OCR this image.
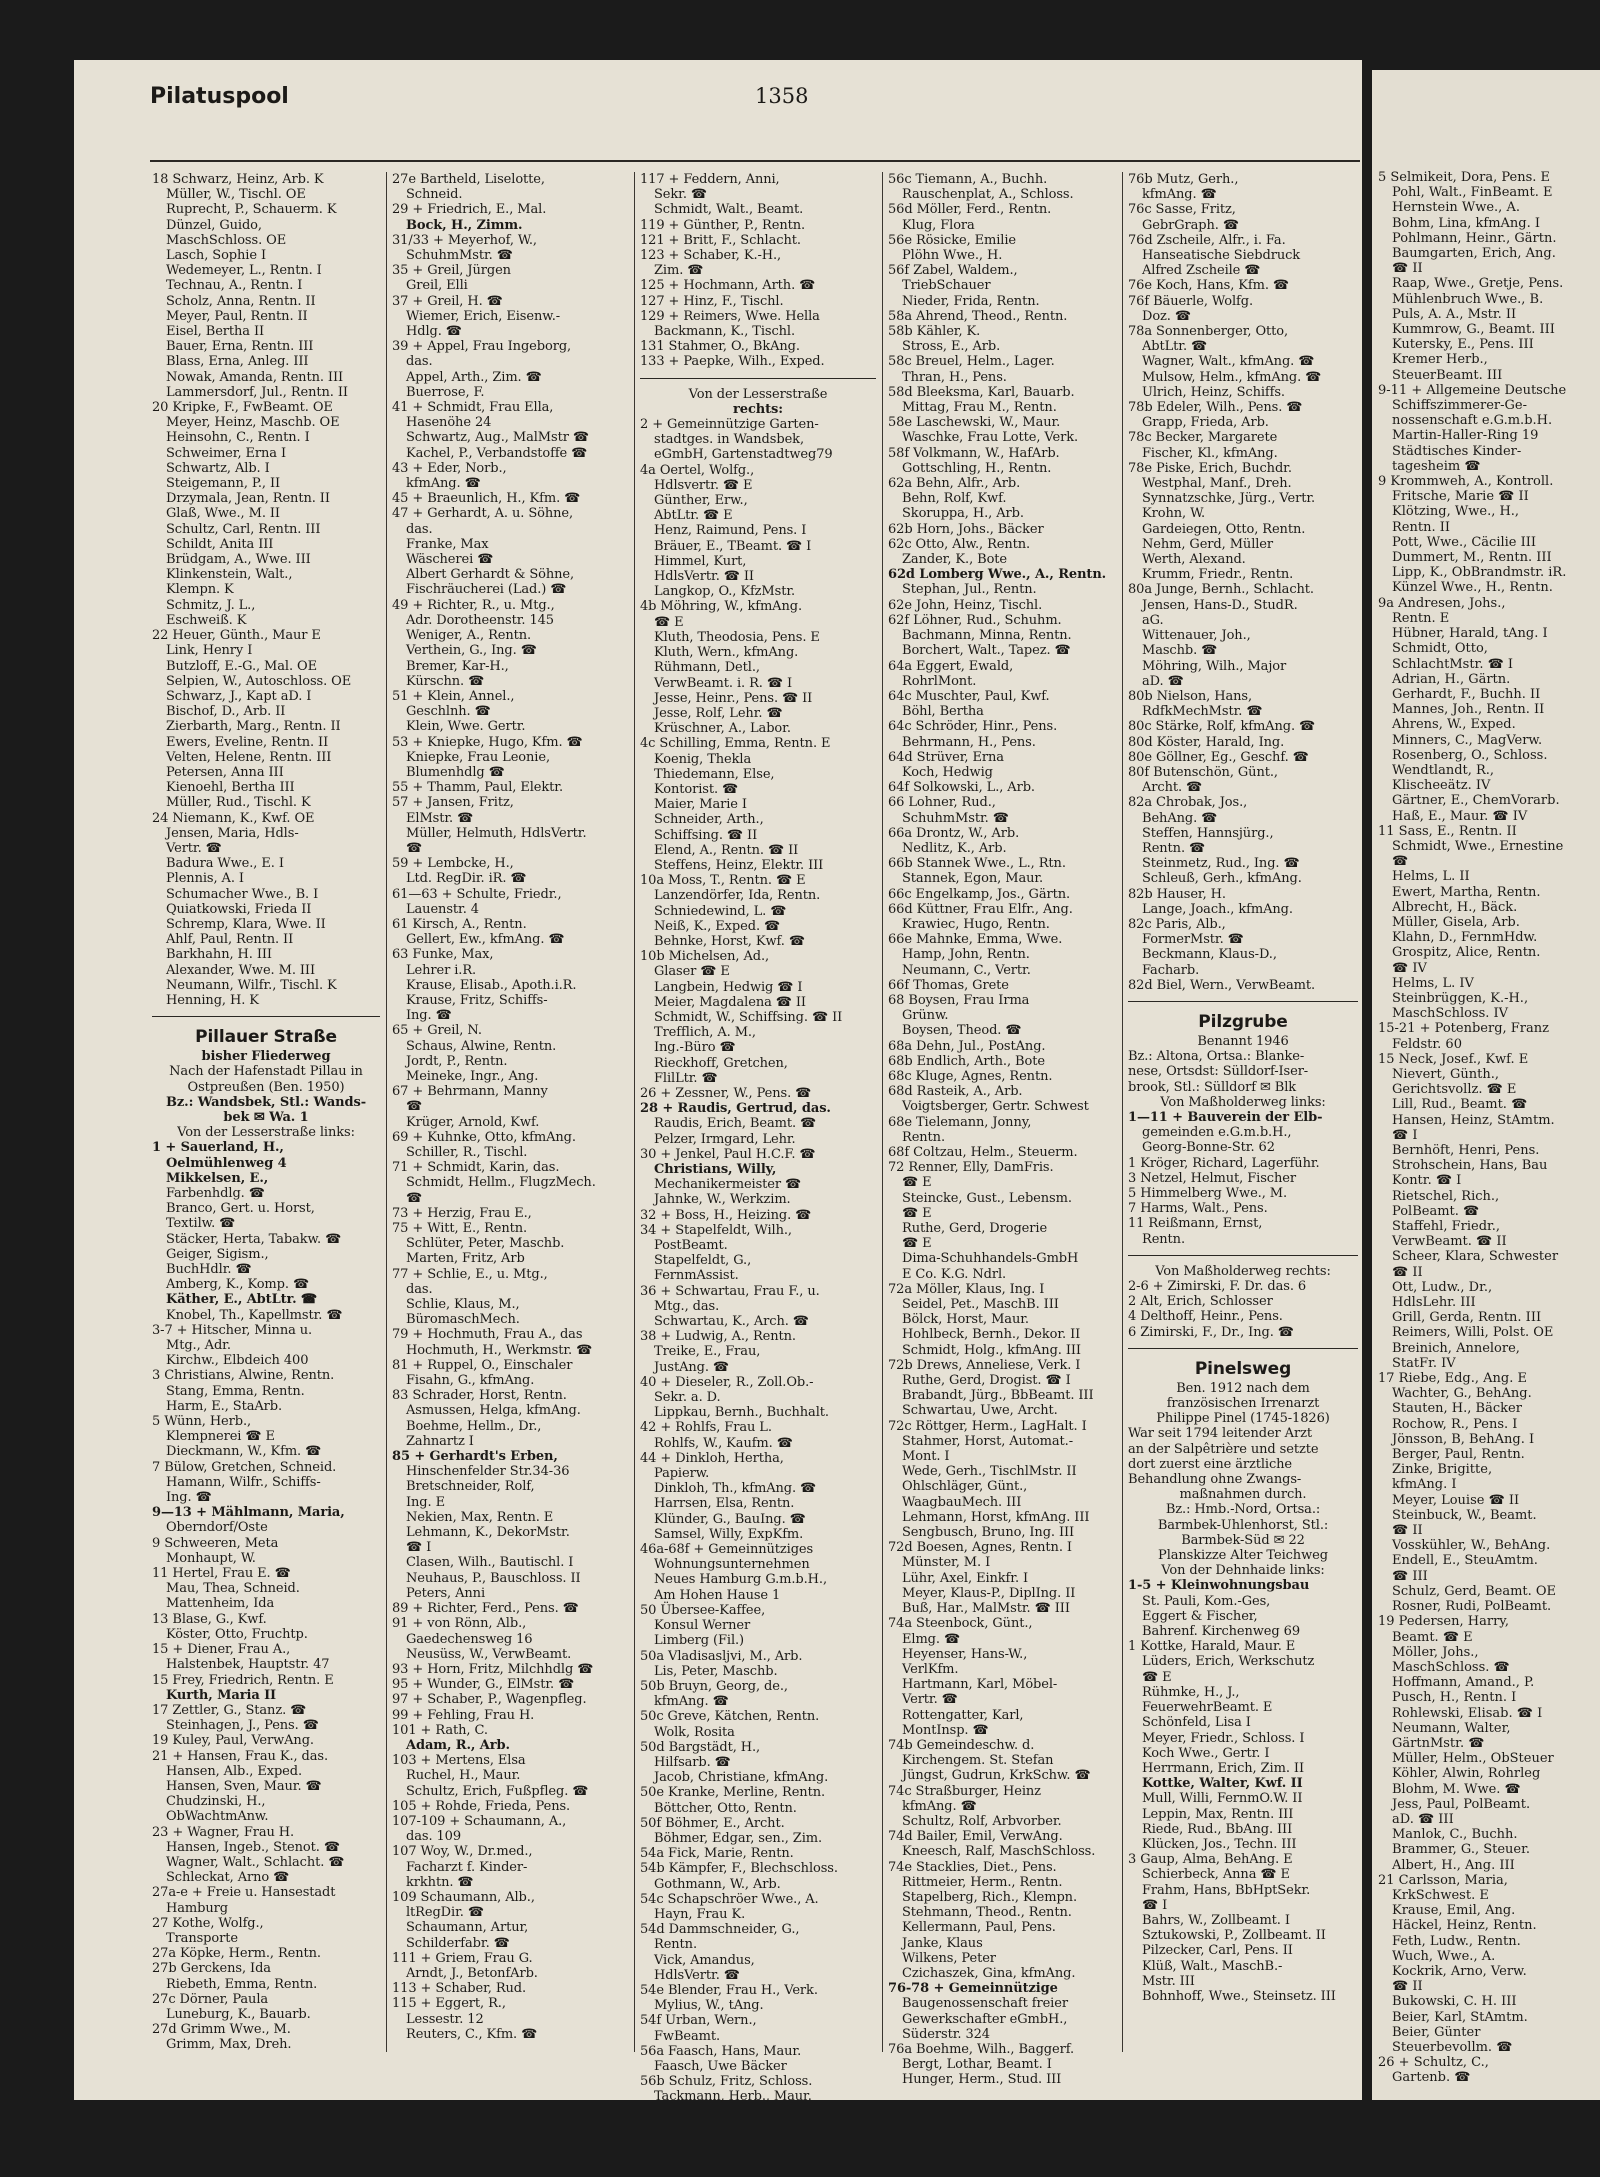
5 Selmikeit, Dora, Pens. E
Pohl, Walt., FinBeamt. E
Hernstein Wwe., A.
Bohm, Lina, kfmAng. I
Pohlmann, Heinr., Gärtn.
Baumgarten, Erich, Ang.
☎ II
Raap, Wwe., Gretje, Pens.
Mühlenbruch Wwe., B.
Puls, A. A., Mstr. II
Kummrow, G., Beamt. III
Kutersky, E., Pens. III
Kremer Herb.,
SteuerBeamt. III
9-11 + Allgemeine Deutsche
Schiffszimmerer-Ge-
nossenschaft e.G.m.b.H.
Martin-Haller-Ring 19
Städtisches Kinder-
tagesheim ☎
9 Krommweh, A., Kontroll.
Fritsche, Marie ☎ II
Klötzing, Wwe., H.,
Rentn. II
Pott, Wwe., Cäcilie III
Dummert, M., Rentn. III
Lipp, K., ObBrandmstr. iR.
Künzel Wwe., H., Rentn.
9a Andresen, Johs.,
Rentn. E
Hübner, Harald, tAng. I
Schmidt, Otto,
SchlachtMstr. ☎ I
Adrian, H., Gärtn.
Gerhardt, F., Buchh. II
Mannes, Joh., Rentn. II
Ahrens, W., Exped.
Minners, C., MagVerw.
Rosenberg, O., Schloss.
Wendtlandt, R.,
Klischeeätz. IV
Gärtner, E., ChemVorarb.
Haß, E., Maur. ☎ IV
11 Sass, E., Rentn. II
Schmidt, Wwe., Ernestine
☎
Helms, L. II
Ewert, Martha, Rentn.
Albrecht, H., Bäck.
Müller, Gisela, Arb.
Klahn, D., FernmHdw.
Grospitz, Alice, Rentn.
☎ IV
Helms, L. IV
Steinbrüggen, K.-H.,
MaschSchloss. IV
15-21 + Potenberg, Franz
Feldstr. 60
15 Neck, Josef., Kwf. E
Nievert, Günth.,
Gerichtsvollz. ☎ E
Lill, Rud., Beamt. ☎
Hansen, Heinz, StAmtm.
☎ I
Bernhöft, Henri, Pens.
Strohschein, Hans, Bau
Kontr. ☎ I
Rietschel, Rich.,
PolBeamt. ☎
Staffehl, Friedr.,
VerwBeamt. ☎ II
Scheer, Klara, Schwester
☎ II
Ott, Ludw., Dr.,
HdlsLehr. III
Grill, Gerda, Rentn. III
Reimers, Willi, Polst. OE
Breinich, Annelore,
StatFr. IV
17 Riebe, Edg., Ang. E
Wachter, G., BehAng.
Stauten, H., Bäcker
Rochow, R., Pens. I
Jönsson, B, BehAng. I
Berger, Paul, Rentn.
Zinke, Brigitte,
kfmAng. I
Meyer, Louise ☎ II
Steinbuck, W., Beamt.
☎ II
Vosskühler, W., BehAng.
Endell, E., SteuAmtm.
☎ III
Schulz, Gerd, Beamt. OE
Rosner, Rudi, PolBeamt.
19 Pedersen, Harry,
Beamt. ☎ E
Möller, Johs.,
MaschSchloss. ☎
Hoffmann, Amand., P.
Pusch, H., Rentn. I
Rohlewski, Elisab. ☎ I
Neumann, Walter,
GärtnMstr. ☎
Müller, Helm., ObSteuer
Köhler, Alwin, Rohrleg
Blohm, M. Wwe. ☎
Jess, Paul, PolBeamt.
aD. ☎ III
Manlok, C., Buchh.
Brammer, G., Steuer.
Albert, H., Ang. III
21 Carlsson, Maria,
KrkSchwest. E
Krause, Emil, Ang.
Häckel, Heinz, Rentn.
Feth, Ludw., Rentn.
Wuch, Wwe., A.
Kockrik, Arno, Verw.
☎ II
Bukowski, C. H. III
Beier, Karl, StAmtm.
Beier, Günter
Steuerbevollm. ☎
26 + Schultz, C.,
Gartenb. ☎
Pilatuspool	1358
18 Schwarz, Heinz, Arb. K
Müller, W., Tischl. OE
Ruprecht, P., Schauerm. K
Dünzel, Guido,
MaschSchloss. OE
Lasch, Sophie I
Wedemeyer, L., Rentn. I
Technau, A., Rentn. I
Scholz, Anna, Rentn. II
Meyer, Paul, Rentn. II
Eisel, Bertha II
Bauer, Erna, Rentn. III
Blass, Erna, Anleg. III
Nowak, Amanda, Rentn. III
Lammersdorf, Jul., Rentn. II
20 Kripke, F., FwBeamt. OE
Meyer, Heinz, Maschb. OE
Heinsohn, C., Rentn. I
Schweimer, Erna I
Schwartz, Alb. I
Steigemann, P., II
Drzymala, Jean, Rentn. II
Glaß, Wwe., M. II
Schultz, Carl, Rentn. III
Schildt, Anita III
Brüdgam, A., Wwe. III
Klinkenstein, Walt.,
Klempn. K
Schmitz, J. L.,
Eschweiß. K
22 Heuer, Günth., Maur E
Link, Henry I
Butzloff, E.-G., Mal. OE
Selpien, W., Autoschloss. OE
Schwarz, J., Kapt aD. I
Bischof, D., Arb. II
Zierbarth, Marg., Rentn. II
Ewers, Eveline, Rentn. II
Velten, Helene, Rentn. III
Petersen, Anna III
Kienoehl, Bertha III
Müller, Rud., Tischl. K
24 Niemann, K., Kwf. OE
Jensen, Maria, Hdls-
Vertr. ☎
Badura Wwe., E. I
Plennis, A. I
Schumacher Wwe., B. I
Quiatkowski, Frieda II
Schremp, Klara, Wwe. II
Ahlf, Paul, Rentn. II
Barkhahn, H. III
Alexander, Wwe. M. III
Neumann, Wilfr., Tischl. K
Henning, H. K
Pillauer Straße
bisher Fliederweg
Nach der Hafenstadt Pillau in
Ostpreußen (Ben. 1950)
Bz.: Wandsbek, Stl.: Wands-
bek ✉ Wa. 1
Von der Lesserstraße links:
1 + Sauerland, H.,
Oelmühlenweg 4
Mikkelsen, E.,
Farbenhdlg. ☎
Branco, Gert. u. Horst,
Textilw. ☎
Stäcker, Herta, Tabakw. ☎
Geiger, Sigism.,
BuchHdlr. ☎
Amberg, K., Komp. ☎
Käther, E., AbtLtr. ☎
Knobel, Th., Kapellmstr. ☎
3-7 + Hitscher, Minna u.
Mtg., Adr.
Kirchw., Elbdeich 400
3 Christians, Alwine, Rentn.
Stang, Emma, Rentn.
Harm, E., StaArb.
5 Wünn, Herb.,
Klempnerei ☎ E
Dieckmann, W., Kfm. ☎
7 Bülow, Gretchen, Schneid.
Hamann, Wilfr., Schiffs-
Ing. ☎
9—13 + Mählmann, Maria,
Oberndorf/Oste
9 Schweeren, Meta
Monhaupt, W.
11 Hertel, Frau E. ☎
Mau, Thea, Schneid.
Mattenheim, Ida
13 Blase, G., Kwf.
Köster, Otto, Fruchtp.
15 + Diener, Frau A.,
Halstenbek, Hauptstr. 47
15 Frey, Friedrich, Rentn. E
Kurth, Maria II
17 Zettler, G., Stanz. ☎
Steinhagen, J., Pens. ☎
19 Kuley, Paul, VerwAng.
21 + Hansen, Frau K., das.
Hansen, Alb., Exped.
Hansen, Sven, Maur. ☎
Chudzinski, H.,
ObWachtmAnw.
23 + Wagner, Frau H.
Hansen, Ingeb., Stenot. ☎
Wagner, Walt., Schlacht. ☎
Schleckat, Arno ☎
27a-e + Freie u. Hansestadt
Hamburg
27 Kothe, Wolfg.,
Transporte
27a Köpke, Herm., Rentn.
27b Gerckens, Ida
Riebeth, Emma, Rentn.
27c Dörner, Paula
Luneburg, K., Bauarb.
27d Grimm Wwe., M.
Grimm, Max, Dreh.
27e Bartheld, Liselotte,
Schneid.
29 + Friedrich, E., Mal.
Bock, H., Zimm.
31/33 + Meyerhof, W.,
SchuhmMstr. ☎
35 + Greil, Jürgen
Greil, Elli
37 + Greil, H. ☎
Wiemer, Erich, Eisenw.-
Hdlg. ☎
39 + Appel, Frau Ingeborg,
das.
Appel, Arth., Zim. ☎
Buerrose, F.
41 + Schmidt, Frau Ella,
Hasenöhe 24
Schwartz, Aug., MalMstr ☎
Kachel, P., Verbandstoffe ☎
43 + Eder, Norb.,
kfmAng. ☎
45 + Braeunlich, H., Kfm. ☎
47 + Gerhardt, A. u. Söhne,
das.
Franke, Max
Wäscherei ☎
Albert Gerhardt & Söhne,
Fischräucherei (Lad.) ☎
49 + Richter, R., u. Mtg.,
Adr. Dorotheenstr. 145
Weniger, A., Rentn.
Verthein, G., Ing. ☎
Bremer, Kar-H.,
Kürschn. ☎
51 + Klein, Annel.,
Geschlnh. ☎
Klein, Wwe. Gertr.
53 + Kniepke, Hugo, Kfm. ☎
Kniepke, Frau Leonie,
Blumenhdlg ☎
55 + Thamm, Paul, Elektr.
57 + Jansen, Fritz,
ElMstr. ☎
Müller, Helmuth, HdlsVertr.
☎
59 + Lembcke, H.,
Ltd. RegDir. iR. ☎
61—63 + Schulte, Friedr.,
Lauenstr. 4
61 Kirsch, A., Rentn.
Gellert, Ew., kfmAng. ☎
63 Funke, Max,
Lehrer i.R.
Krause, Elisab., Apoth.i.R.
Krause, Fritz, Schiffs-
Ing. ☎
65 + Greil, N.
Schaus, Alwine, Rentn.
Jordt, P., Rentn.
Meineke, Ingr., Ang.
67 + Behrmann, Manny
☎
Krüger, Arnold, Kwf.
69 + Kuhnke, Otto, kfmAng.
Schiller, R., Tischl.
71 + Schmidt, Karin, das.
Schmidt, Hellm., FlugzMech.
☎
73 + Herzig, Frau E.,
75 + Witt, E., Rentn.
Schlüter, Peter, Maschb.
Marten, Fritz, Arb
77 + Schlie, E., u. Mtg.,
das.
Schlie, Klaus, M.,
BüromaschMech.
79 + Hochmuth, Frau A., das
Hochmuth, H., Werkmstr. ☎
81 + Ruppel, O., Einschaler
Fisahn, G., kfmAng.
83 Schrader, Horst, Rentn.
Asmussen, Helga, kfmAng.
Boehme, Hellm., Dr.,
Zahnartz I
85 + Gerhardt's Erben,
Hinschenfelder Str.34-36
Bretschneider, Rolf,
Ing. E
Nekien, Max, Rentn. E
Lehmann, K., DekorMstr.
☎ I
Clasen, Wilh., Bautischl. I
Neuhaus, P., Bauschloss. II
Peters, Anni
89 + Richter, Ferd., Pens. ☎
91 + von Rönn, Alb.,
Gaedechensweg 16
Neusüss, W., VerwBeamt.
93 + Horn, Fritz, Milchhdlg ☎
95 + Wunder, G., ElMstr. ☎
97 + Schaber, P., Wagenpfleg.
99 + Fehling, Frau H.
101 + Rath, C.
Adam, R., Arb.
103 + Mertens, Elsa
Ruchel, H., Maur.
Schultz, Erich, Fußpfleg. ☎
105 + Rohde, Frieda, Pens.
107-109 + Schaumann, A.,
das. 109
107 Woy, W., Dr.med.,
Facharzt f. Kinder-
krkhtn. ☎
109 Schaumann, Alb.,
ltRegDir. ☎
Schaumann, Artur,
Schilderfabr. ☎
111 + Griem, Frau G.
Arndt, J., BetonfArb.
113 + Schaber, Rud.
115 + Eggert, R.,
Lessestr. 12
Reuters, C., Kfm. ☎
117 + Feddern, Anni,
Sekr. ☎
Schmidt, Walt., Beamt.
119 + Günther, P., Rentn.
121 + Britt, F., Schlacht.
123 + Schaber, K.-H.,
Zim. ☎
125 + Hochmann, Arth. ☎
127 + Hinz, F., Tischl.
129 + Reimers, Wwe. Hella
Backmann, K., Tischl.
131 Stahmer, O., BkAng.
133 + Paepke, Wilh., Exped.
Von der Lesserstraße
rechts:
2 + Gemeinnützige Garten-
stadtges. in Wandsbek,
eGmbH, Gartenstadtweg79
4a Oertel, Wolfg.,
Hdlsvertr. ☎ E
Günther, Erw.,
AbtLtr. ☎ E
Henz, Raimund, Pens. I
Bräuer, E., TBeamt. ☎ I
Himmel, Kurt,
HdlsVertr. ☎ II
Langkop, O., KfzMstr.
4b Möhring, W., kfmAng.
☎ E
Kluth, Theodosia, Pens. E
Kluth, Wern., kfmAng.
Rühmann, Detl.,
VerwBeamt. i. R. ☎ I
Jesse, Heinr., Pens. ☎ II
Jesse, Rolf, Lehr. ☎
Krüschner, A., Labor.
4c Schilling, Emma, Rentn. E
Koenig, Thekla
Thiedemann, Else,
Kontorist. ☎
Maier, Marie I
Schneider, Arth.,
Schiffsing. ☎ II
Elend, A., Rentn. ☎ II
Steffens, Heinz, Elektr. III
10a Moss, T., Rentn. ☎ E
Lanzendörfer, Ida, Rentn.
Schniedewind, L. ☎
Neiß, K., Exped. ☎
Behnke, Horst, Kwf. ☎
10b Michelsen, Ad.,
Glaser ☎ E
Langbein, Hedwig ☎ I
Meier, Magdalena ☎ II
Schmidt, W., Schiffsing. ☎ II
Trefflich, A. M.,
Ing.-Büro ☎
Rieckhoff, Gretchen,
FlilLtr. ☎
26 + Zessner, W., Pens. ☎
28 + Raudis, Gertrud, das.
Raudis, Erich, Beamt. ☎
Pelzer, Irmgard, Lehr.
30 + Jenkel, Paul H.C.F. ☎
Christians, Willy,
Mechanikermeister ☎
Jahnke, W., Werkzim.
32 + Boss, H., Heizing. ☎
34 + Stapelfeldt, Wilh.,
PostBeamt.
Stapelfeldt, G.,
FernmAssist.
36 + Schwartau, Frau F., u.
Mtg., das.
Schwartau, K., Arch. ☎
38 + Ludwig, A., Rentn.
Treike, E., Frau,
JustAng. ☎
40 + Dieseler, R., Zoll.Ob.-
Sekr. a. D.
Lippkau, Bernh., Buchhalt.
42 + Rohlfs, Frau L.
Rohlfs, W., Kaufm. ☎
44 + Dinkloh, Hertha,
Papierw.
Dinkloh, Th., kfmAng. ☎
Harrsen, Elsa, Rentn.
Klünder, G., BauIng. ☎
Samsel, Willy, ExpKfm.
46a-68f + Gemeinnütziges
Wohnungsunternehmen
Neues Hamburg G.m.b.H.,
Am Hohen Hause 1
50 Übersee-Kaffee,
Konsul Werner
Limberg (Fil.)
50a Vladisasljvi, M., Arb.
Lis, Peter, Maschb.
50b Bruyn, Georg, de.,
kfmAng. ☎
50c Greve, Kätchen, Rentn.
Wolk, Rosita
50d Bargstädt, H.,
Hilfsarb. ☎
Jacob, Christiane, kfmAng.
50e Kranke, Merline, Rentn.
Böttcher, Otto, Rentn.
50f Böhmer, E., Archt.
Böhmer, Edgar, sen., Zim.
54a Fick, Marie, Rentn.
54b Kämpfer, F., Blechschloss.
Gothmann, W., Arb.
54c Schapschröer Wwe., A.
Hayn, Frau K.
54d Dammschneider, G.,
Rentn.
Vick, Amandus,
HdlsVertr. ☎
54e Blender, Frau H., Verk.
Mylius, W., tAng.
54f Urban, Wern.,
FwBeamt.
56a Faasch, Hans, Maur.
Faasch, Uwe Bäcker
56b Schulz, Fritz, Schloss.
Tackmann, Herb., Maur.
56c Tiemann, A., Buchh.
Rauschenplat, A., Schloss.
56d Möller, Ferd., Rentn.
Klug, Flora
56e Rösicke, Emilie
Plöhn Wwe., H.
56f Zabel, Waldem.,
TriebSchauer
Nieder, Frida, Rentn.
58a Ahrend, Theod., Rentn.
58b Kähler, K.
Stross, E., Arb.
58c Breuel, Helm., Lager.
Thran, H., Pens.
58d Bleeksma, Karl, Bauarb.
Mittag, Frau M., Rentn.
58e Laschewski, W., Maur.
Waschke, Frau Lotte, Verk.
58f Volkmann, W., HafArb.
Gottschling, H., Rentn.
62a Behn, Alfr., Arb.
Behn, Rolf, Kwf.
Skoruppa, H., Arb.
62b Horn, Johs., Bäcker
62c Otto, Alw., Rentn.
Zander, K., Bote
62d Lomberg Wwe., A., Rentn.
Stephan, Jul., Rentn.
62e John, Heinz, Tischl.
62f Löhner, Rud., Schuhm.
Bachmann, Minna, Rentn.
Borchert, Walt., Tapez. ☎
64a Eggert, Ewald,
RohrlMont.
64c Muschter, Paul, Kwf.
Böhl, Bertha
64c Schröder, Hinr., Pens.
Behrmann, H., Pens.
64d Strüver, Erna
Koch, Hedwig
64f Solkowski, L., Arb.
66 Lohner, Rud.,
SchuhmMstr. ☎
66a Drontz, W., Arb.
Nedlitz, K., Arb.
66b Stannek Wwe., L., Rtn.
Stannek, Egon, Maur.
66c Engelkamp, Jos., Gärtn.
66d Küttner, Frau Elfr., Ang.
Krawiec, Hugo, Rentn.
66e Mahnke, Emma, Wwe.
Hamp, John, Rentn.
Neumann, C., Vertr.
66f Thomas, Grete
68 Boysen, Frau Irma
Grünw.
Boysen, Theod. ☎
68a Dehn, Jul., PostAng.
68b Endlich, Arth., Bote
68c Kluge, Agnes, Rentn.
68d Rasteik, A., Arb.
Voigtsberger, Gertr. Schwest
68e Tielemann, Jonny,
Rentn.
68f Coltzau, Helm., Steuerm.
72 Renner, Elly, DamFris.
☎ E
Steincke, Gust., Lebensm.
☎ E
Ruthe, Gerd, Drogerie
☎ E
Dima-Schuhhandels-GmbH
E Co. K.G. Ndrl.
72a Möller, Klaus, Ing. I
Seidel, Pet., MaschB. III
Bölck, Horst, Maur.
Hohlbeck, Bernh., Dekor. II
Schmidt, Holg., kfmAng. III
72b Drews, Anneliese, Verk. I
Ruthe, Gerd, Drogist. ☎ I
Brabandt, Jürg., BbBeamt. III
Schwartau, Uwe, Archt.
72c Röttger, Herm., LagHalt. I
Stahmer, Horst, Automat.-
Mont. I
Wede, Gerh., TischlMstr. II
Ohlschläger, Günt.,
WaagbauMech. III
Lehmann, Horst, kfmAng. III
Sengbusch, Bruno, Ing. III
72d Boesen, Agnes, Rentn. I
Münster, M. I
Lühr, Axel, Einkfr. I
Meyer, Klaus-P., DiplIng. II
Buß, Har., MalMstr. ☎ III
74a Steenbock, Günt.,
Elmg. ☎
Heyenser, Hans-W.,
VerlKfm.
Hartmann, Karl, Möbel-
Vertr. ☎
Rottengatter, Karl,
MontInsp. ☎
74b Gemeindeschw. d.
Kirchengem. St. Stefan
Jüngst, Gudrun, KrkSchw. ☎
74c Straßburger, Heinz
kfmAng. ☎
Schultz, Rolf, Arbvorber.
74d Bailer, Emil, VerwAng.
Kneesch, Ralf, MaschSchloss.
74e Stacklies, Diet., Pens.
Rittmeier, Herm., Rentn.
Stapelberg, Rich., Klempn.
Stehmann, Theod., Rentn.
Kellermann, Paul, Pens.
Janke, Klaus
Wilkens, Peter
Czichaszek, Gina, kfmAng.
76-78 + Gemeinnützige
Baugenossenschaft freier
Gewerkschafter eGmbH.,
Süderstr. 324
76a Boehme, Wilh., Baggerf.
Bergt, Lothar, Beamt. I
Hunger, Herm., Stud. III
76b Mutz, Gerh.,
kfmAng. ☎
76c Sasse, Fritz,
GebrGraph. ☎
76d Zscheile, Alfr., i. Fa.
Hanseatische Siebdruck
Alfred Zscheile ☎
76e Koch, Hans, Kfm. ☎
76f Bäuerle, Wolfg.
Doz. ☎
78a Sonnenberger, Otto,
AbtLtr. ☎
Wagner, Walt., kfmAng. ☎
Mulsow, Helm., kfmAng. ☎
Ulrich, Heinz, Schiffs.
78b Edeler, Wilh., Pens. ☎
Grapp, Frieda, Arb.
78c Becker, Margarete
Fischer, Kl., kfmAng.
78e Piske, Erich, Buchdr.
Westphal, Manf., Dreh.
Synnatzschke, Jürg., Vertr.
Krohn, W.
Gardeiegen, Otto, Rentn.
Nehm, Gerd, Müller
Werth, Alexand.
Krumm, Friedr., Rentn.
80a Junge, Bernh., Schlacht.
Jensen, Hans-D., StudR.
aG.
Wittenauer, Joh.,
Maschb. ☎
Möhring, Wilh., Major
aD. ☎
80b Nielson, Hans,
RdfkMechMstr. ☎
80c Stärke, Rolf, kfmAng. ☎
80d Köster, Harald, Ing.
80e Göllner, Eg., Geschf. ☎
80f Butenschön, Günt.,
Archt. ☎
82a Chrobak, Jos.,
BehAng. ☎
Steffen, Hannsjürg.,
Rentn. ☎
Steinmetz, Rud., Ing. ☎
Schleuß, Gerh., kfmAng.
82b Hauser, H.
Lange, Joach., kfmAng.
82c Paris, Alb.,
FormerMstr. ☎
Beckmann, Klaus-D.,
Facharb.
82d Biel, Wern., VerwBeamt.
Pilzgrube
Benannt 1946
Bz.: Altona, Ortsa.: Blanke-
nese, Ortsdst: Sülldorf-Iser-
brook, Stl.: Sülldorf ✉ Blk
Von Maßholderweg links:
1—11 + Bauverein der Elb-
gemeinden e.G.m.b.H.,
Georg-Bonne-Str. 62
1 Kröger, Richard, Lagerführ.
3 Netzel, Helmut, Fischer
5 Himmelberg Wwe., M.
7 Harms, Walt., Pens.
11 Reißmann, Ernst,
Rentn.
Von Maßholderweg rechts:
2-6 + Zimirski, F. Dr. das. 6
2 Alt, Erich, Schlosser
4 Delthoff, Heinr., Pens.
6 Zimirski, F., Dr., Ing. ☎
Pinelsweg
Ben. 1912 nach dem
französischen Irrenarzt
Philippe Pinel (1745-1826)
War seit 1794 leitender Arzt
an der Salpêtrière und setzte
dort zuerst eine ärztliche
Behandlung ohne Zwangs-
maßnahmen durch.
Bz.: Hmb.-Nord, Ortsa.:
Barmbek-Uhlenhorst, Stl.:
Barmbek-Süd ✉ 22
Planskizze Alter Teichweg
Von der Dehnhaide links:
1-5 + Kleinwohnungsbau
St. Pauli, Kom.-Ges,
Eggert & Fischer,
Bahrenf. Kirchenweg 69
1 Kottke, Harald, Maur. E
Lüders, Erich, Werkschutz
☎ E
Rühmke, H., J.,
FeuerwehrBeamt. E
Schönfeld, Lisa I
Meyer, Friedr., Schloss. I
Koch Wwe., Gertr. I
Herrmann, Erich, Zim. II
Kottke, Walter, Kwf. II
Mull, Willi, FernmO.W. II
Leppin, Max, Rentn. III
Riede, Rud., BbAng. III
Klücken, Jos., Techn. III
3 Gaup, Alma, BehAng. E
Schierbeck, Anna ☎ E
Frahm, Hans, BbHptSekr.
☎ I
Bahrs, W., Zollbeamt. I
Sztukowski, P., Zollbeamt. II
Pilzecker, Carl, Pens. II
Klüß, Walt., MaschB.-
Mstr. III
Bohnhoff, Wwe., Steinsetz. III
